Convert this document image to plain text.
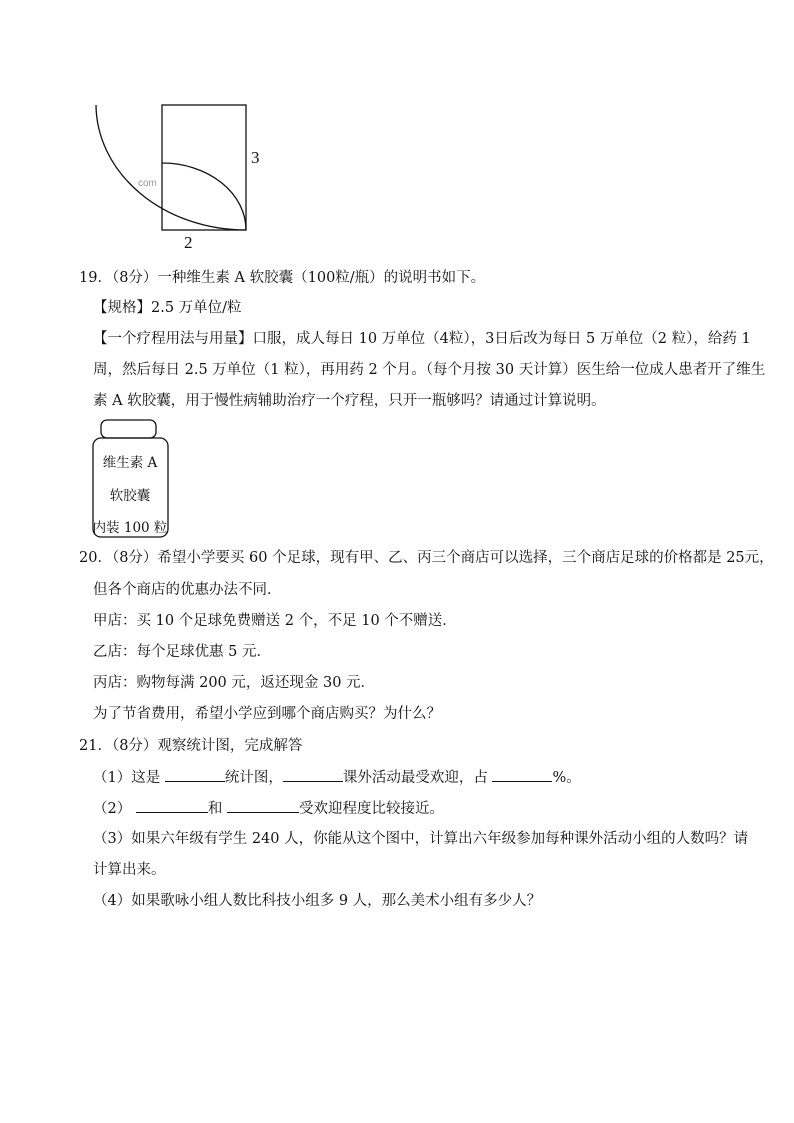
3
2
com
19．（8分）一种维生素 A 软胶囊（100粒/瓶）的说明书如下。
【规格】2.5 万单位/粒
【一个疗程用法与用量】口服，成人每日 10 万单位（4粒），3日后改为每日 5 万单位（2 粒），给药 1
周，然后每日 2.5 万单位（1 粒），再用药 2 个月。（每个月按 30 天计算）医生给一位成人患者开了维生
素 A 软胶囊，用于慢性病辅助治疗一个疗程，只开一瓶够吗？请通过计算说明。
维生素 A
软胶囊
内装 100 粒
20．（8分）希望小学要买 60 个足球，现有甲、乙、丙三个商店可以选择，三个商店足球的价格都是 25元，
但各个商店的优惠办法不同．
甲店：买 10 个足球免费赠送 2 个，不足 10 个不赠送．
乙店：每个足球优惠 5 元．
丙店：购物每满 200 元，返还现金 30 元．
为了节省费用，希望小学应到哪个商店购买？为什么？
21．（8分）观察统计图，完成解答
（1）这是	统计图，	课外活动最受欢迎，占	%。
（2）	和	受欢迎程度比较接近。
（3）如果六年级有学生 240 人，你能从这个图中，计算出六年级参加每种课外活动小组的人数吗？请
计算出来。
（4）如果歌咏小组人数比科技小组多 9 人，那么美术小组有多少人？
